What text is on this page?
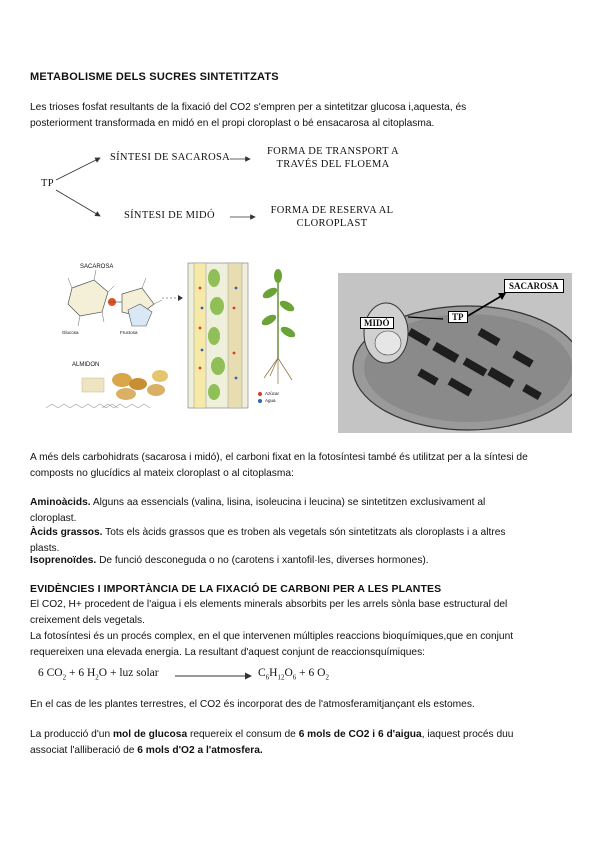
METABOLISME DELS SUCRES SINTETITZATS
Les trioses fosfat resultants de la fixació del CO2 s'empren per a sintetitzar glucosa i,aquesta, és
posteriorment transformada en midó en el propi cloroplast o bé ensacarosa al citoplasma.
TP
SÍNTESI DE SACAROSA
FORMA DE TRANSPORT A
TRAVÉS DEL FLOEMA
SÍNTESI DE MIDÓ	FORMA DE RESERVA AL
CLOROPLAST
SACAROSA
Glucosa	Fructosa
ALMIDON
Azúcar
Agua
SACAROSA
TP
MIDÓ
A més dels carbohidrats (sacarosa i midó), el carboni fixat en la fotosíntesi també és utilitzat per a la síntesi de
composts no glucídics al mateix cloroplast o al citoplasma:
Aminoàcids. Alguns aa essencials (valina, lisina, isoleucina i leucina) se sintetitzen exclusivament al
cloroplast.
Àcids grassos. Tots els àcids grassos que es troben als vegetals són sintetitzats als cloroplasts i a altres
plasts.
Isoprenoïdes. De funció desconeguda o no (carotens i xantofil·les, diverses hormones).
EVIDÈNCIES I IMPORTÀNCIA DE LA FIXACIÓ DE CARBONI PER A LES PLANTES
El CO2, H+ procedent de l'aigua i els elements minerals absorbits per les arrels sònla base estructural del
creixement dels vegetals.
La fotosíntesi és un procés complex, en el que intervenen múltiples reaccions bioquímiques,que en conjunt
requereixen una elevada energia. La resultant d'aquest conjunt de reaccionsquímiques:
6 $CO_2 + 6$ $H_2O$ + luz solar	$C_6H_{12}O_6 + 6$ $O_2$
En el cas de les plantes terrestres, el CO2 és incorporat des de l'atmosferamitjançant els estomes.
La producció d'un mol de glucosa requereix el consum de 6 mols de CO2 i 6 d'aigua, iaquest procés duu
associat l'alliberació de 6 mols d'O2 a l'atmosfera.
